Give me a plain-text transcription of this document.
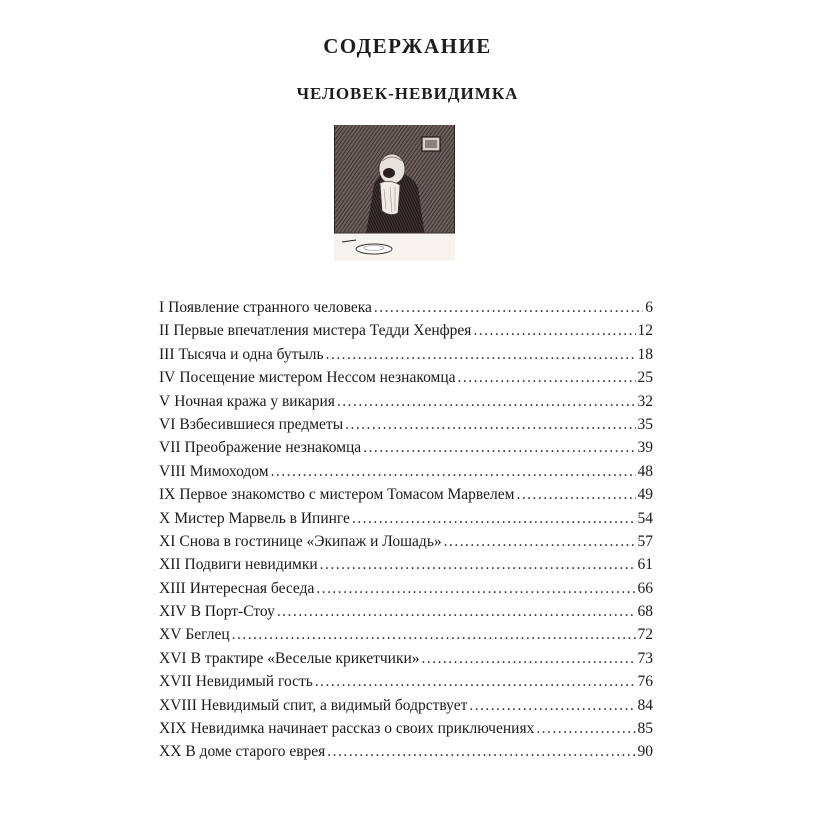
СОДЕРЖАНИЕ
ЧЕЛОВЕК-НЕВИДИМКА
I Появление странного человека . . .	6
II Первые впечатления мистера Тедди Хенфрея . . .	12
III Тысяча и одна бутыль . . .	18
IV Посещение мистером Нессом незнакомца . . .	25
V Ночная кража у викария . . .	32
VI Взбесившиеся предметы . . .	35
VII Преображение незнакомца . . .	39
VIII Мимоходом . . .	48
IX Первое знакомство с мистером Томасом Марвелем . . .	49
X Мистер Марвель в Ипинге . . .	54
XI Снова в гостинице «Экипаж и Лошадь» . . .	57
XII Подвиги невидимки . . .	61
XIII Интересная беседа . . .	66
XIV В Порт-Стоу . . .	68
XV Беглец . . .	72
XVI В трактире «Веселые крикетчики» . . .	73
XVII Невидимый гость . . .	76
XVIII Невидимый спит, а видимый бодрствует . . .	84
XIX Невидимка начинает рассказ о своих приключениях . . .	85
XX В доме старого еврея . . .	90
